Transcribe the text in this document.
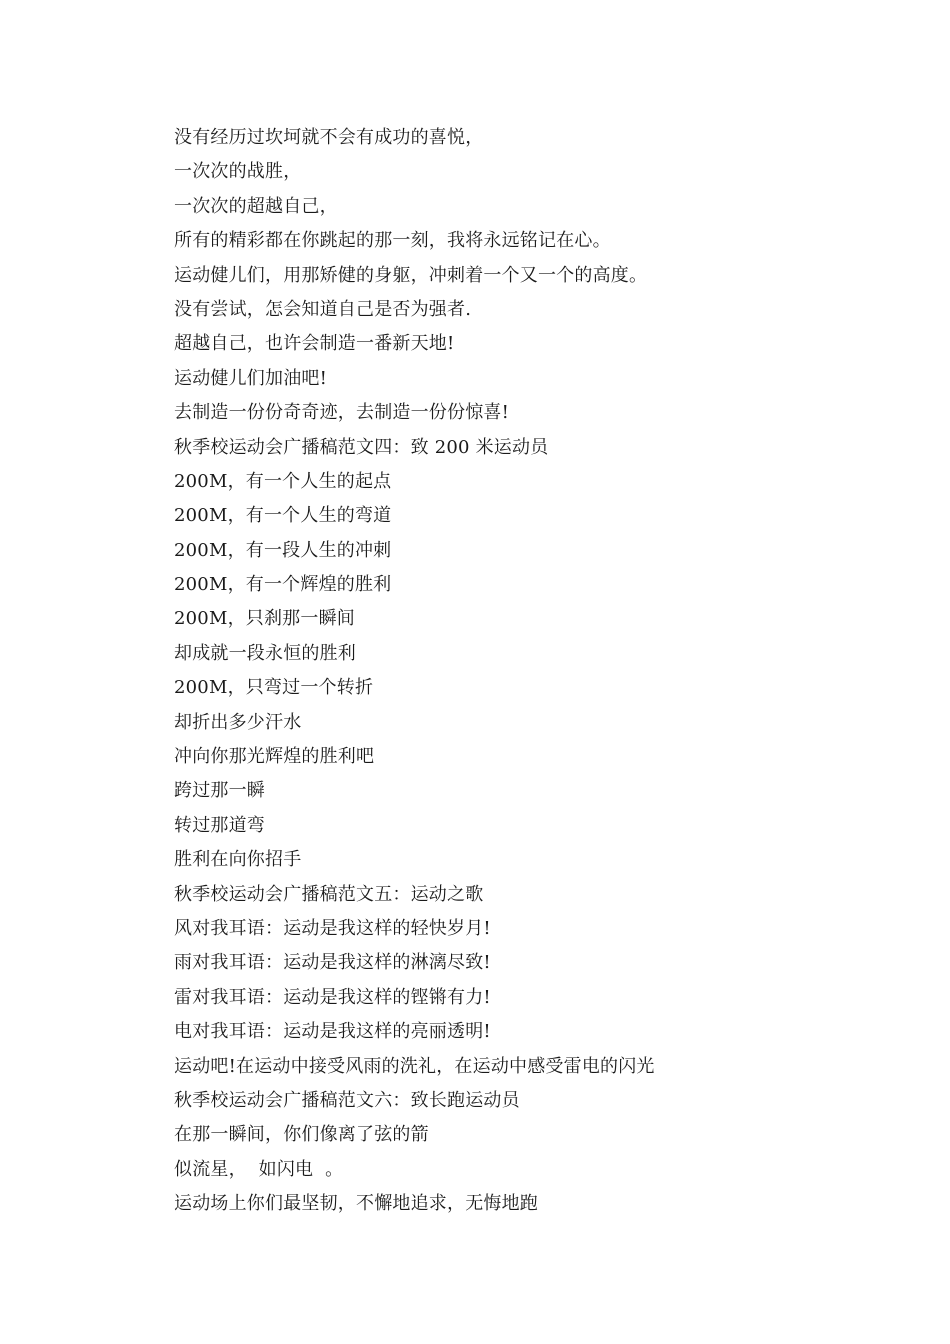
没有经历过坎坷就不会有成功的喜悦，
一次次的战胜，
一次次的超越自己，
所有的精彩都在你跳起的那一刻，我将永远铭记在心。
运动健儿们，用那矫健的身躯，冲刺着一个又一个的高度。
没有尝试，怎会知道自己是否为强者.
超越自己，也许会制造一番新天地!
运动健儿们加油吧!
去制造一份份奇奇迹，去制造一份份惊喜!
秋季校运动会广播稿范文四：致 200 米运动员
200M，有一个人生的起点
200M，有一个人生的弯道
200M，有一段人生的冲刺
200M，有一个辉煌的胜利
200M，只刹那一瞬间
却成就一段永恒的胜利
200M，只弯过一个转折
却折出多少汗水
冲向你那光辉煌的胜利吧
跨过那一瞬
转过那道弯
胜利在向你招手
秋季校运动会广播稿范文五：运动之歌
风对我耳语：运动是我这样的轻快岁月!
雨对我耳语：运动是我这样的淋漓尽致!
雷对我耳语：运动是我这样的铿锵有力!
电对我耳语：运动是我这样的亮丽透明!
运动吧!在运动中接受风雨的洗礼，在运动中感受雷电的闪光
秋季校运动会广播稿范文六：致长跑运动员
在那一瞬间，你们像离了弦的箭
似流星，  如闪电  。
运动场上你们最坚韧，不懈地追求，无悔地跑
